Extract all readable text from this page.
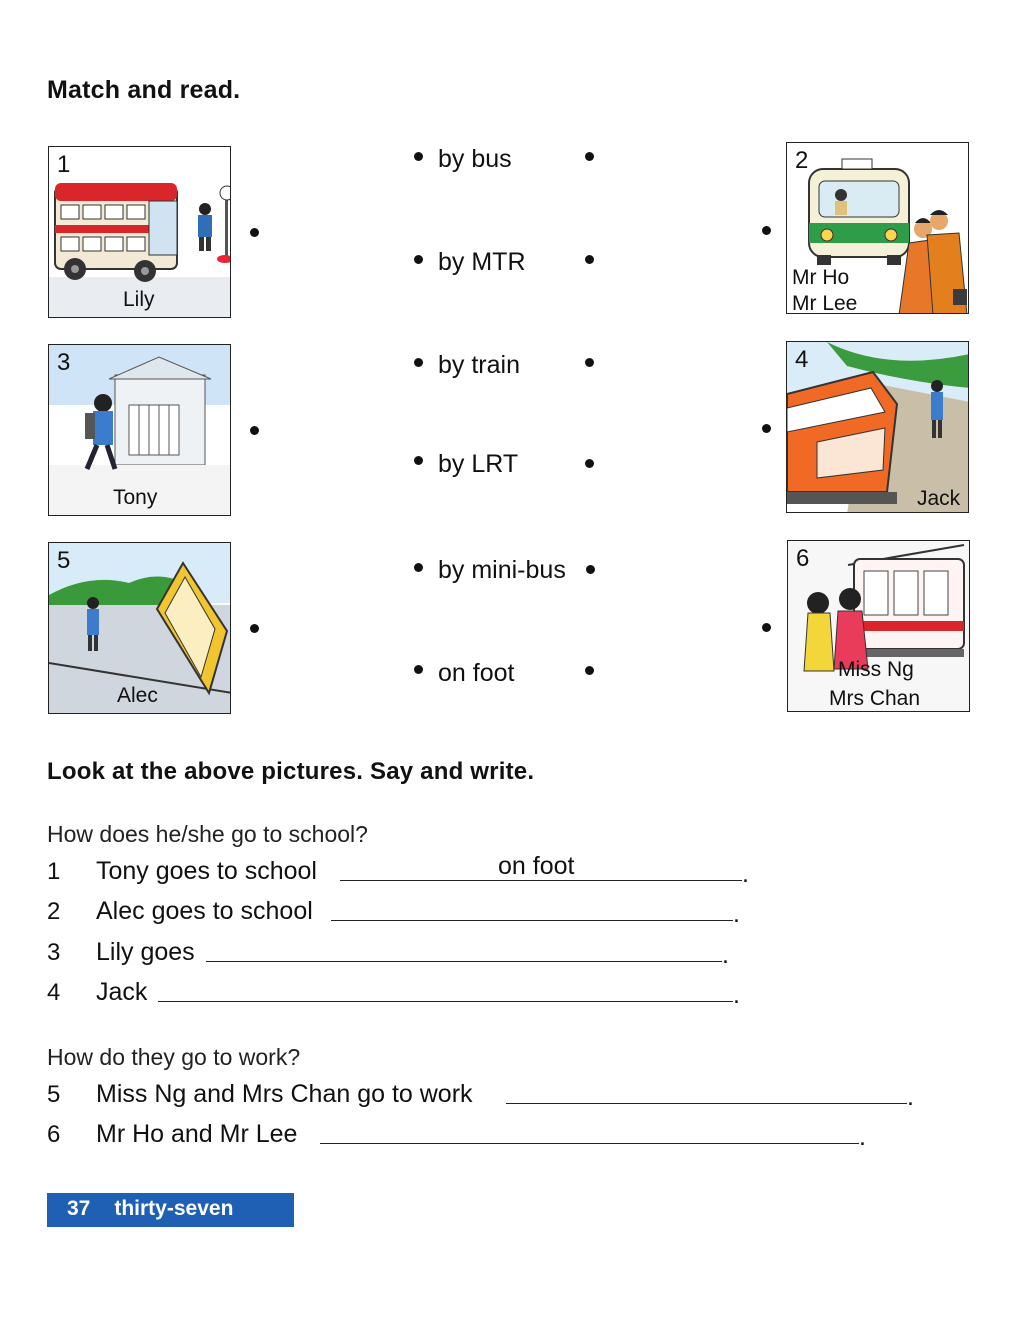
Match and read.
1
Lily
2
Mr Ho
Mr Lee
3
Tony
4
Jack
5
Alec
6
Miss Ng
Mrs Chan
by bus
by MTR
by train
by LRT
by mini-bus
on foot
Look at the above pictures. Say and write.
How does he/she go to school?
1 Tony goes to school	on foot	.
2 Alec goes to school	.
3 Lily goes	.
4 Jack	.
How do they go to work?
5 Miss Ng and Mrs Chan go to work	.
6 Mr Ho and Mr Lee	.
37 thirty-seven
